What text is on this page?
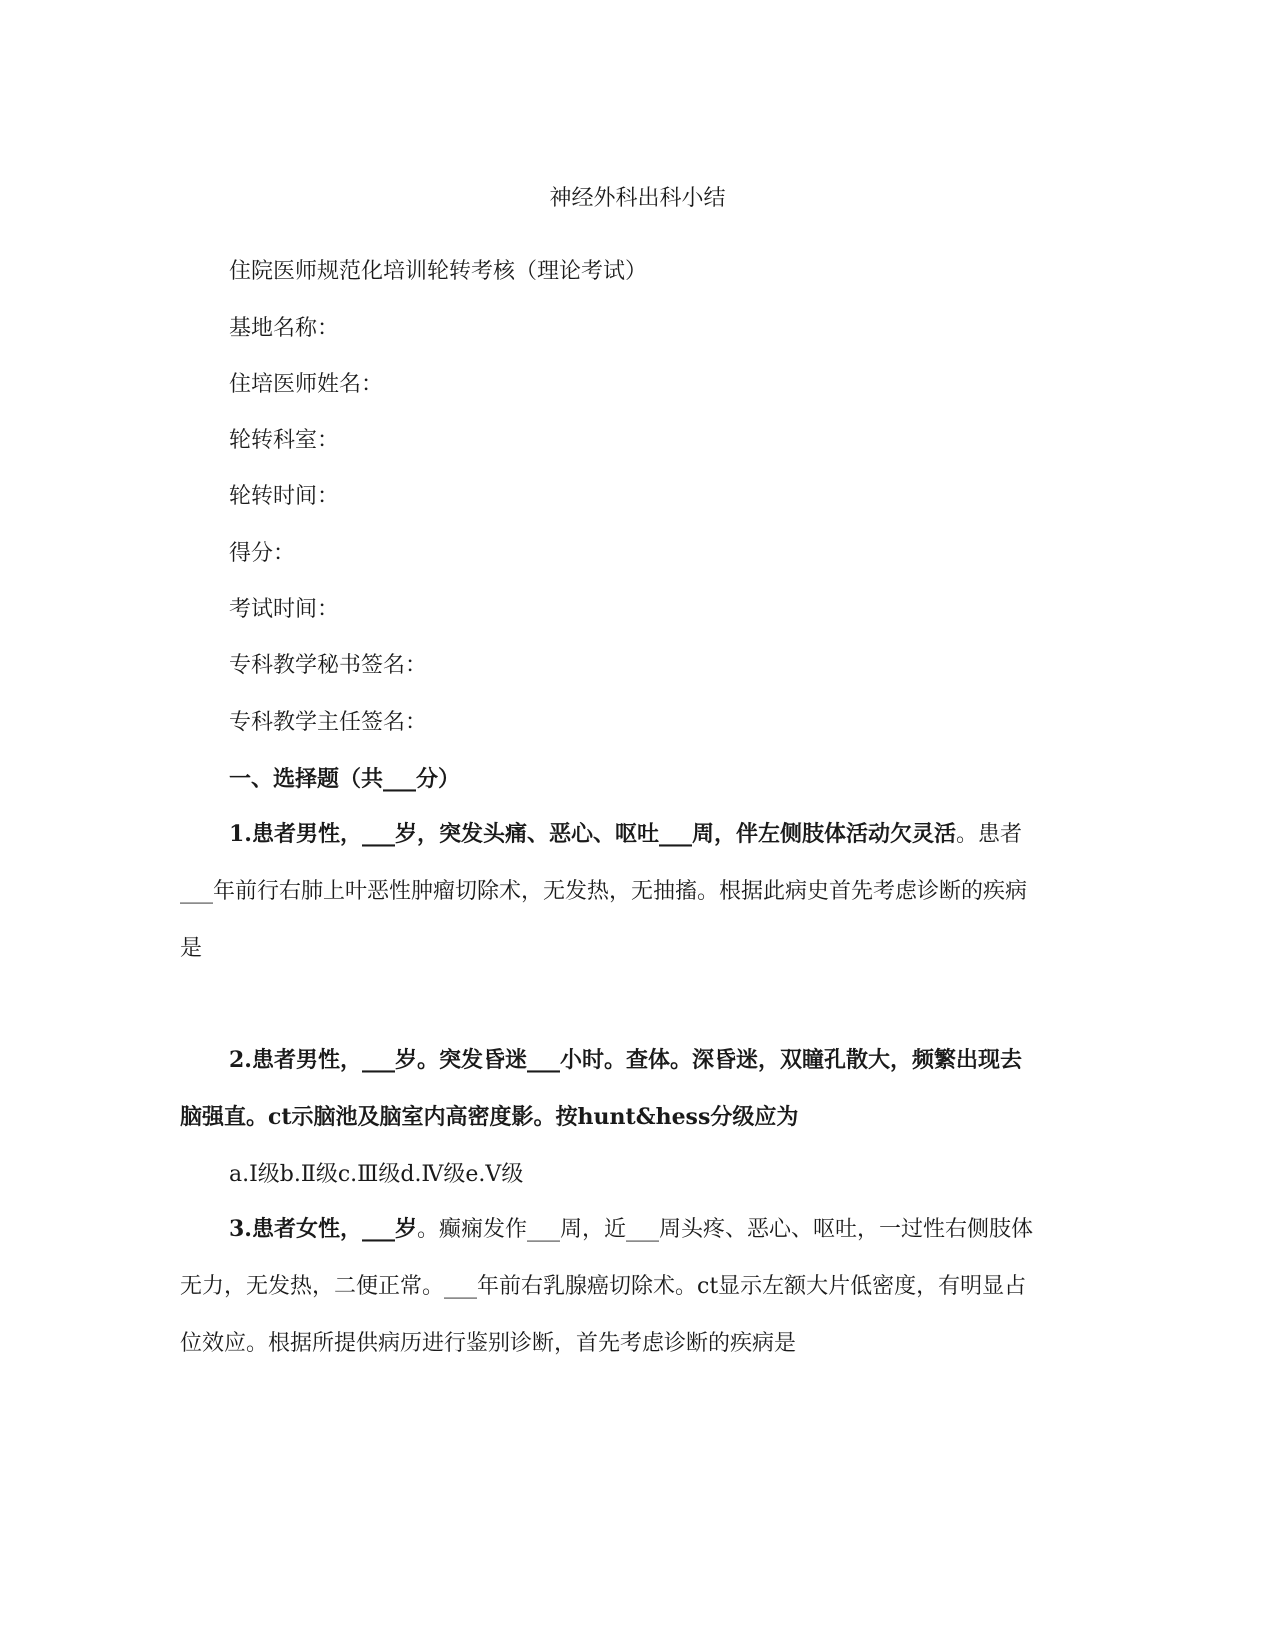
神经外科出科小结

住院医师规范化培训轮转考核（理论考试）

基地名称：

住培医师姓名：

轮转科室：

轮转时间：

得分：

考试时间：

专科教学秘书签名：

专科教学主任签名：

一、选择题（共___分）

1.患者男性，___岁，突发头痛、恶心、呕吐___周，伴左侧肢体活动欠灵活。患者___年前行右肺上叶恶性肿瘤切除术，无发热，无抽搐。根据此病史首先考虑诊断的疾病是

2.患者男性，___岁。突发昏迷___小时。查体。深昏迷，双瞳孔散大，频繁出现去脑强直。ct示脑池及脑室内高密度影。按hunt&hess分级应为

a.Ⅰ级b.Ⅱ级c.Ⅲ级d.Ⅳ级e.Ⅴ级

3.患者女性，___岁。癫痫发作___周，近___周头疼、恶心、呕吐，一过性右侧肢体无力，无发热，二便正常。___年前右乳腺癌切除术。ct显示左额大片低密度，有明显占位效应。根据所提供病历进行鉴别诊断，首先考虑诊断的疾病是
